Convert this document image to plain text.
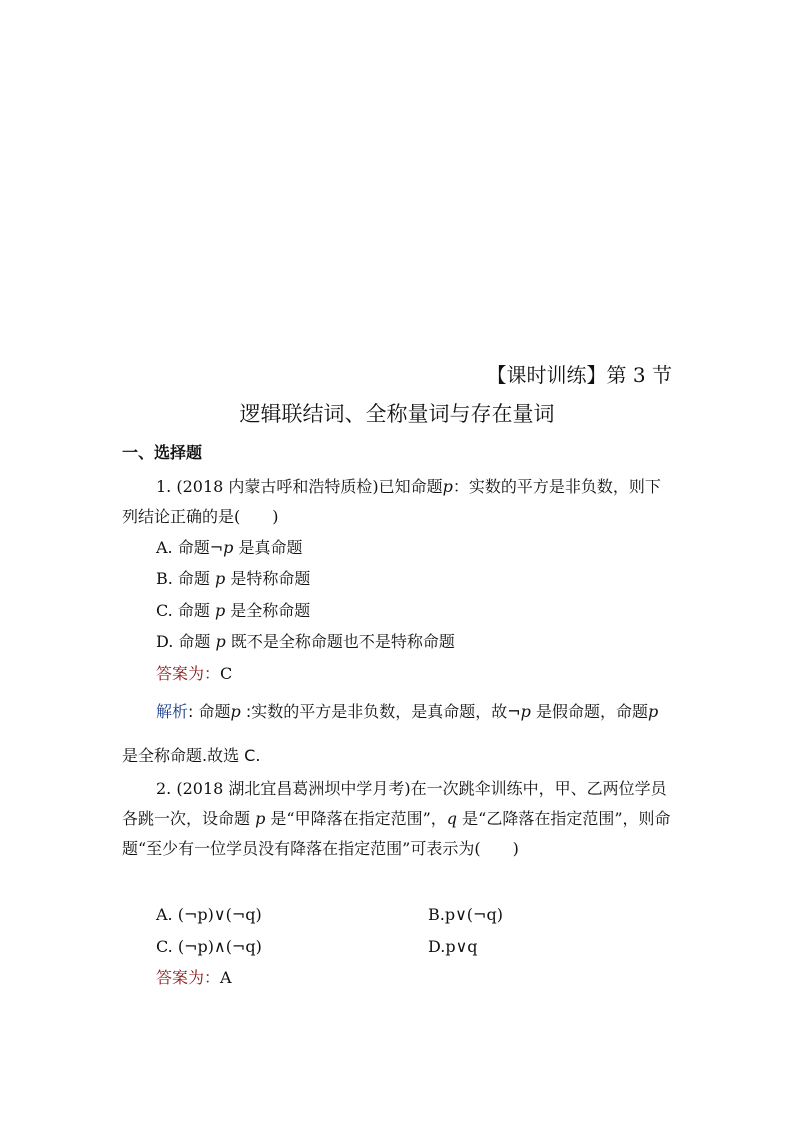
【课时训练】第 3 节
逻辑联结词、全称量词与存在量词
一、选择题
1. (2018 内蒙古呼和浩特质检)已知命题p：实数的平方是非负数，则下列结论正确的是(　　)
A. 命题¬p 是真命题
B. 命题 p 是特称命题
C. 命题 p 是全称命题
D. 命题 p 既不是全称命题也不是特称命题
答案为：C
解析: 命题p :实数的平方是非负数，是真命题，故¬p 是假命题，命题p 是全称命题.故选 C.
2. (2018 湖北宜昌葛洲坝中学月考)在一次跳伞训练中，甲、乙两位学员各跳一次，设命题 p 是“甲降落在指定范围”，q 是“乙降落在指定范围”，则命题“至少有一位学员没有降落在指定范围”可表示为(　　)
A. (¬p)∨(¬q)	B.p∨(¬q)
C. (¬p)∧(¬q)	D.p∨q
答案为：A
